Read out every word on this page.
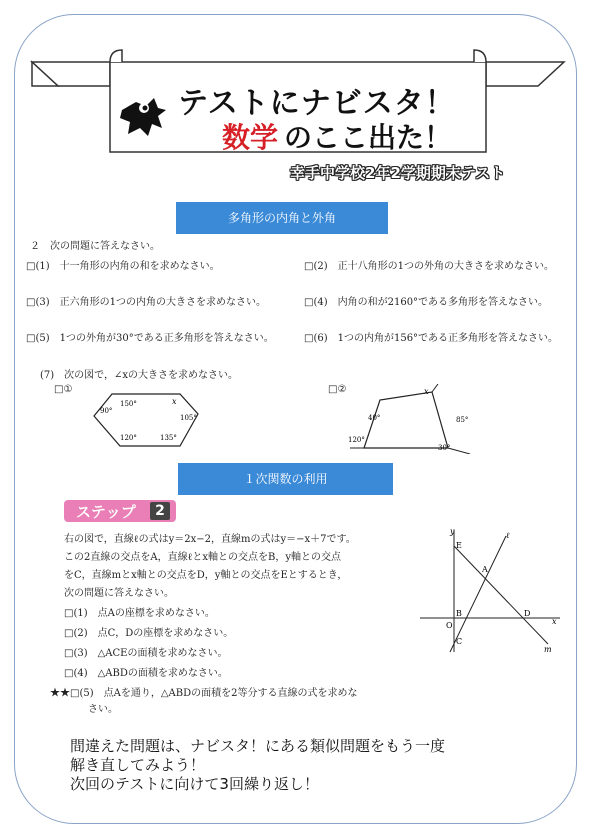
テストにナビスタ！
数学 のここ出た！
幸手中学校2年2学期期末テスト
多角形の内角と外角
２　次の問題に答えなさい。
□(1)　十一角形の内角の和を求めなさい。	□(2)　正十八角形の1つの外角の大きさを求めなさい。
□(3)　正六角形の1つの内角の大きさを求めなさい。	□(4)　内角の和が2160°である多角形を答えなさい。
□(5)　1つの外角が30°である正多角形を答えなさい。	□(6)　1つの内角が156°である正多角形を答えなさい。
(7)　次の図で，∠xの大きさを求めなさい。
□①	□②
90°
150°	x
105°
120°	135°
x
40°	85°
120°
30°
１次関数の利用
ステップ	2
右の図で，直線ℓの式はy＝2x−2，直線mの式はy＝−x＋7です。
この2直線の交点をA，直線ℓとx軸との交点をB，y軸との交点
をC，直線mとx軸との交点をD，y軸との交点をEとするとき，
次の問題に答えなさい。
□(1)　点Aの座標を求めなさい。
□(2)　点C，Dの座標を求めなさい。
□(3)　△ACEの面積を求めなさい。
□(4)　△ABDの面積を求めなさい。
★★□(5)　点Aを通り，△ABDの面積を2等分する直線の式を求めな
さい。
y
x
O
ℓ
m
A
B
C
D
E
間違えた問題は、ナビスタ！にある類似問題をもう一度
解き直してみよう！
次回のテストに向けて3回繰り返し！
